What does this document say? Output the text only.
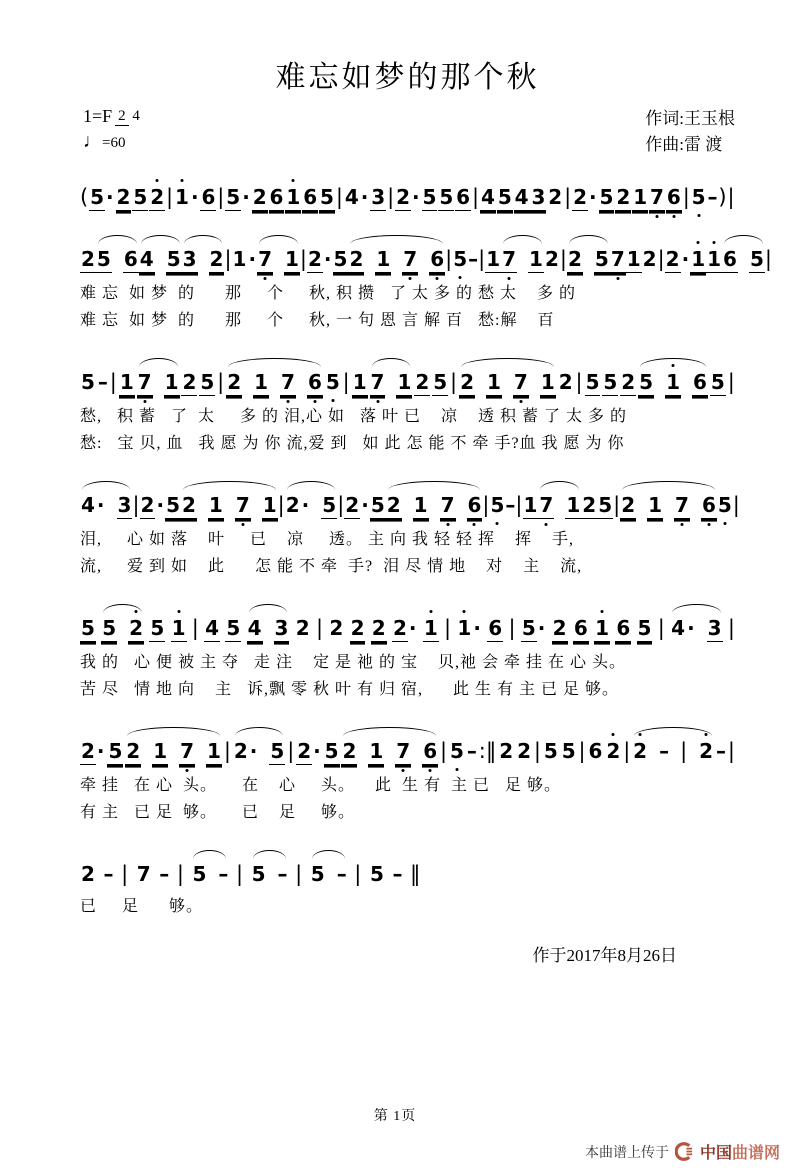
难忘如梦的那个秋
1=F 2 4
♩=60
作词:王玉根
作曲:雷 渡
( 5 · 2 5 2 | 1 · 6 | 5 · 2 6 1 6 5 | 4 · 3 | 2 · 5 5 6 | 4 5 4 3 2 | 2 · 5 2 1 7 6 | 5 – ) |
2 5 6 4 5 3 2 | 1 · 7 1 | 2 · 5 2 1 7 6 | 5 – | 1 7 1 2 | 2 5 7 1 2 | 2 · 1 1 6 5 |
难 忘  如 梦  的      那     个     秋, 积 攒   了 太 多 的 愁 太    多 的
难 忘  如 梦  的      那     个     秋, 一 句 恩 言 解 百   愁:解    百
5 – | 1 7 1 2 5 | 2 1 7 6 5 | 1 7 1 2 5 | 2 1 7 1 2 | 5 5 2 5 1 6 5 |
愁,   积 蓄   了  太     多 的 泪,心 如   落 叶 已    凉    透 积 蓄 了 太 多 的
愁:   宝 贝, 血   我 愿 为 你 流,爱 到   如 此 怎 能 不 牵 手?血 我 愿 为 你
4 · 3 | 2 · 5 2 1 7 1 | 2 · 5 | 2 · 5 2 1 7 6 | 5 – | 1 7 1 2 5 | 2 1 7 6 5 |
泪,     心 如 落    叶     已    凉     透。 主 向 我 轻 轻 挥    挥    手,
流,     爱 到 如    此      怎 能 不 牵  手?  泪 尽 情 地    对    主    流,
5 5 2 5 1 | 4 5 4 3 2 | 2 2 2 2 · 1 | 1 · 6 | 5 · 2 6 1 6 5 | 4 · 3 |
我 的   心 便 被 主 夺   走 注    定 是 祂 的 宝    贝,祂 会 牵 挂 在 心 头。
苦 尽   情 地 向    主   诉,飘 零 秋 叶 有 归 宿,      此 生 有 主 已 足 够。
2 · 5 2 1 7 1 | 2 · 5 | 2 · 5 2 1 7 6 | 5 – :‖ 2 2 | 5 5 | 6 2 | 2 – | 2 – |
牵 挂   在 心  头。     在    心     头。    此  生 有  主 已   足 够。
有 主   已 足  够。     已    足     够。
2 – | 7 – | 5 – | 5 – | 5 – | 5 – ‖
已     足      够。
作于2017年8月26日
第 1页
本曲谱上传于 中国曲谱网
